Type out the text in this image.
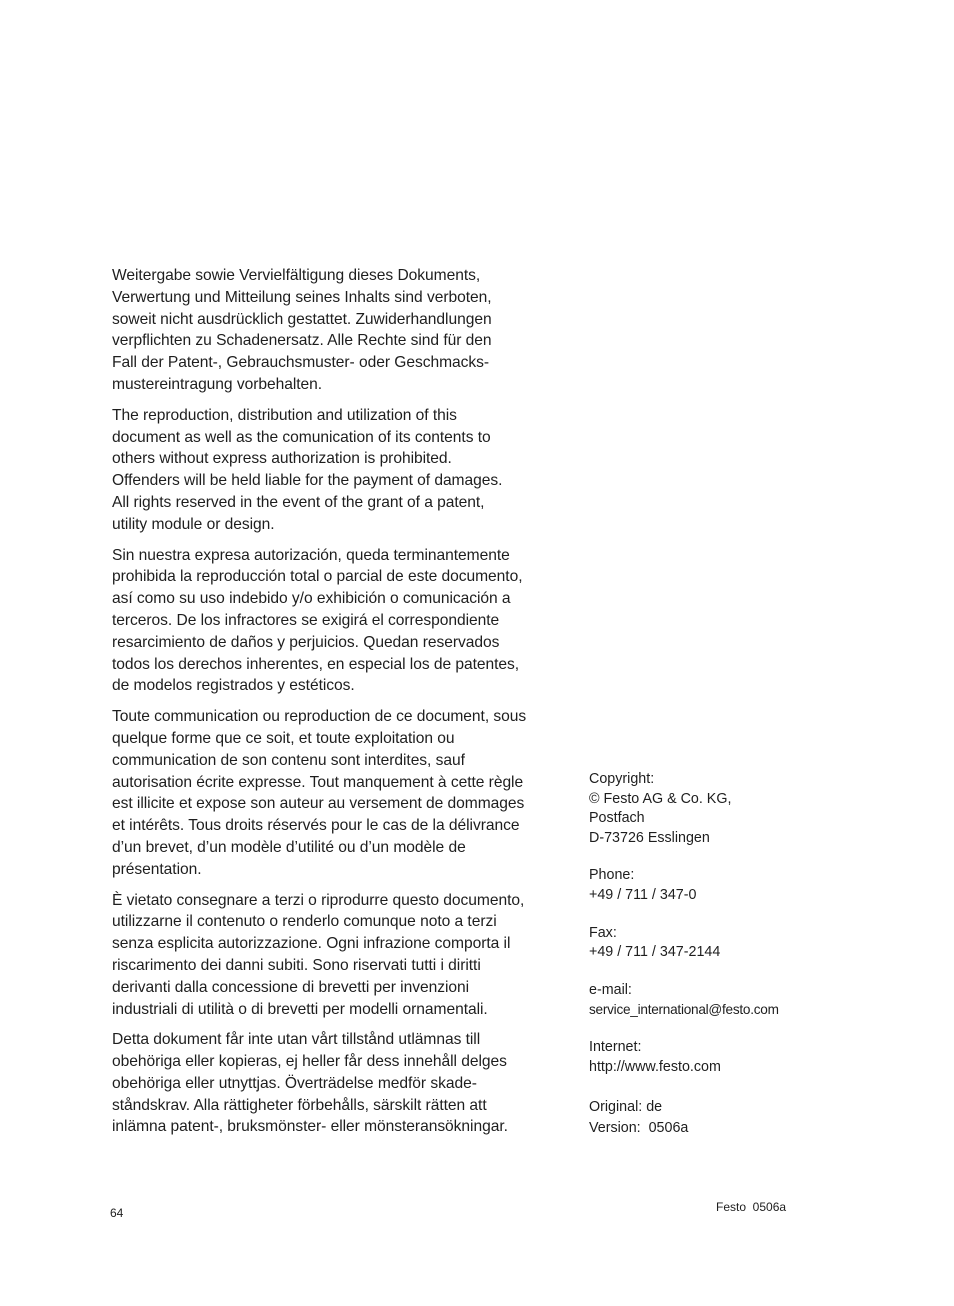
Weitergabe sowie Vervielfältigung dieses Dokuments,
Verwertung und Mitteilung seines Inhalts sind verboten,
soweit nicht ausdrücklich gestattet. Zuwiderhandlungen
verpflichten zu Schadenersatz. Alle Rechte sind für den
Fall der Patent-, Gebrauchsmuster- oder Geschmacks-
mustereintragung vorbehalten.

The reproduction, distribution and utilization of this
document as well as the comunication of its contents to
others without express authorization is prohibited.
Offenders will be held liable for the payment of damages.
All rights reserved in the event of the grant of a patent,
utility module or design.

Sin nuestra expresa autorización, queda terminantemente
prohibida la reproducción total o parcial de este documento,
así como su uso indebido y/o exhibición o comunicación a
terceros. De los infractores se exigirá el correspondiente
resarcimiento de daños y perjuicios. Quedan reservados
todos los derechos inherentes, en especial los de patentes,
de modelos registrados y estéticos.

Toute communication ou reproduction de ce document, sous
quelque forme que ce soit, et toute exploitation ou
communication de son contenu sont interdites, sauf
autorisation écrite expresse. Tout manquement à cette règle
est illicite et expose son auteur au versement de dommages
et intérêts. Tous droits réservés pour le cas de la délivrance
d’un brevet, d’un modèle d’utilité ou d’un modèle de
présentation.

È vietato consegnare a terzi o riprodurre questo documento,
utilizzarne il contenuto o renderlo comunque noto a terzi
senza esplicita autorizzazione. Ogni infrazione comporta il
riscarimento dei danni subiti. Sono riservati tutti i diritti
derivanti dalla concessione di brevetti per invenzioni
industriali di utilità o di brevetti per modelli ornamentali.

Detta dokument får inte utan vårt tillstånd utlämnas till
obehöriga eller kopieras, ej heller får dess innehåll delges
obehöriga eller utnyttjas. Överträdelse medför skade-
ståndskrav. Alla rättigheter förbehålls, särskilt rätten att
inlämna patent-, bruksmönster- eller mönsteransökningar.

Copyright:
© Festo AG & Co. KG,
Postfach
D-73726 Esslingen
Phone:
+49 / 711 / 347-0
Fax:
+49 / 711 / 347-2144
e-mail:
service_international@festo.com
Internet:
http://www.festo.com
Original: de
Version:  0506a
64	Festo  0506a
